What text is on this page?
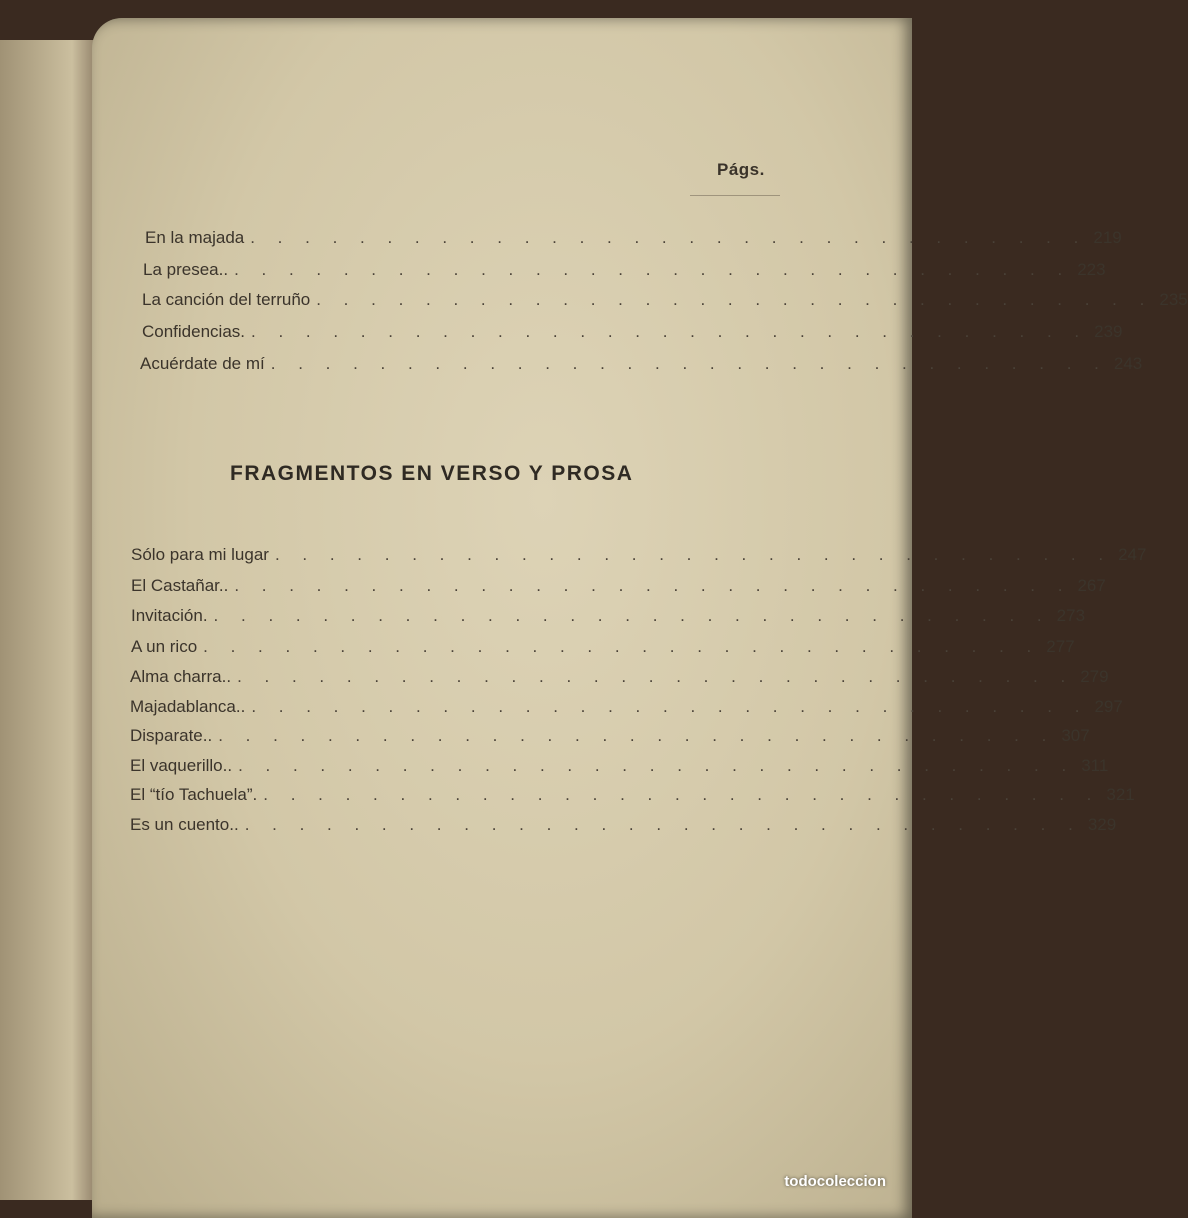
Págs.
En la majada . . . . . . . . . . . . . . . . . . . . . . . . . . . . . . . 219
La presea.. . . . . . . . . . . . . . . . . . . . . . . . . . . . . . . . 223
La canción del terruño . . . . . . . . . . . . . . . . . . . . . . . . . . . . . . . 235
Confidencias. . . . . . . . . . . . . . . . . . . . . . . . . . . . . . . . 239
Acuérdate de mí . . . . . . . . . . . . . . . . . . . . . . . . . . . . . . . 243
FRAGMENTOS EN VERSO Y PROSA
Sólo para mi lugar . . . . . . . . . . . . . . . . . . . . . . . . . . . . . . . 247
El Castañar.. . . . . . . . . . . . . . . . . . . . . . . . . . . . . . . . 267
Invitación. . . . . . . . . . . . . . . . . . . . . . . . . . . . . . . . 273
A un rico . . . . . . . . . . . . . . . . . . . . . . . . . . . . . . . 277
Alma charra.. . . . . . . . . . . . . . . . . . . . . . . . . . . . . . . . 279
Majadablanca.. . . . . . . . . . . . . . . . . . . . . . . . . . . . . . . . 297
Disparate.. . . . . . . . . . . . . . . . . . . . . . . . . . . . . . . . 307
El vaquerillo.. . . . . . . . . . . . . . . . . . . . . . . . . . . . . . . . 311
El “tío Tachuela”. . . . . . . . . . . . . . . . . . . . . . . . . . . . . . . . 321
Es un cuento.. . . . . . . . . . . . . . . . . . . . . . . . . . . . . . . . 329
todocoleccion
